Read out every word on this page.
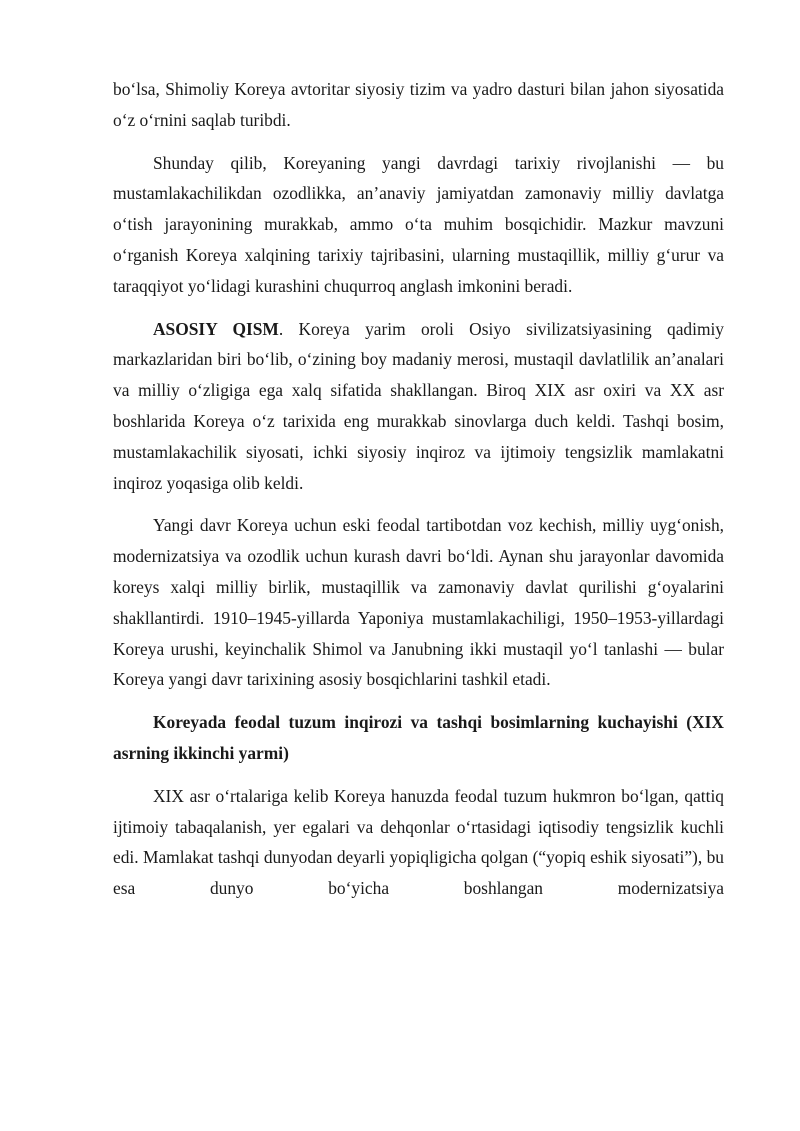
bo‘lsa, Shimoliy Koreya avtoritar siyosiy tizim va yadro dasturi bilan jahon siyosatida o‘z o‘rnini saqlab turibdi.

Shunday qilib, Koreyaning yangi davrdagi tarixiy rivojlanishi — bu mustamlakachilikdan ozodlikka, an’anaviy jamiyatdan zamonaviy milliy davlatga o‘tish jarayonining murakkab, ammo o‘ta muhim bosqichidir. Mazkur mavzuni o‘rganish Koreya xalqining tarixiy tajribasini, ularning mustaqillik, milliy g‘urur va taraqqiyot yo‘lidagi kurashini chuqurroq anglash imkonini beradi.

ASOSIY QISM. Koreya yarim oroli Osiyo sivilizatsiyasining qadimiy markazlaridan biri bo‘lib, o‘zining boy madaniy merosi, mustaqil davlatlilik an’analari va milliy o‘zligiga ega xalq sifatida shakllangan. Biroq XIX asr oxiri va XX asr boshlarida Koreya o‘z tarixida eng murakkab sinovlarga duch keldi. Tashqi bosim, mustamlakachilik siyosati, ichki siyosiy inqiroz va ijtimoiy tengsizlik mamlakatni inqiroz yoqasiga olib keldi.

Yangi davr Koreya uchun eski feodal tartibotdan voz kechish, milliy uyg‘onish, modernizatsiya va ozodlik uchun kurash davri bo‘ldi. Aynan shu jarayonlar davomida koreys xalqi milliy birlik, mustaqillik va zamonaviy davlat qurilishi g‘oyalarini shakllantirdi. 1910–1945-yillarda Yaponiya mustamlakachiligi, 1950–1953-yillardagi Koreya urushi, keyinchalik Shimol va Janubning ikki mustaqil yo‘l tanlashi — bular Koreya yangi davr tarixining asosiy bosqichlarini tashkil etadi.

Koreyada feodal tuzum inqirozi va tashqi bosimlarning kuchayishi (XIX asrning ikkinchi yarmi)

XIX asr o‘rtalariga kelib Koreya hanuzda feodal tuzum hukmron bo‘lgan, qattiq ijtimoiy tabaqalanish, yer egalari va dehqonlar o‘rtasidagi iqtisodiy tengsizlik kuchli edi. Mamlakat tashqi dunyodan deyarli yopiqligicha qolgan (“yopiq eshik siyosati”), bu esa dunyo bo‘yicha boshlangan modernizatsiya
